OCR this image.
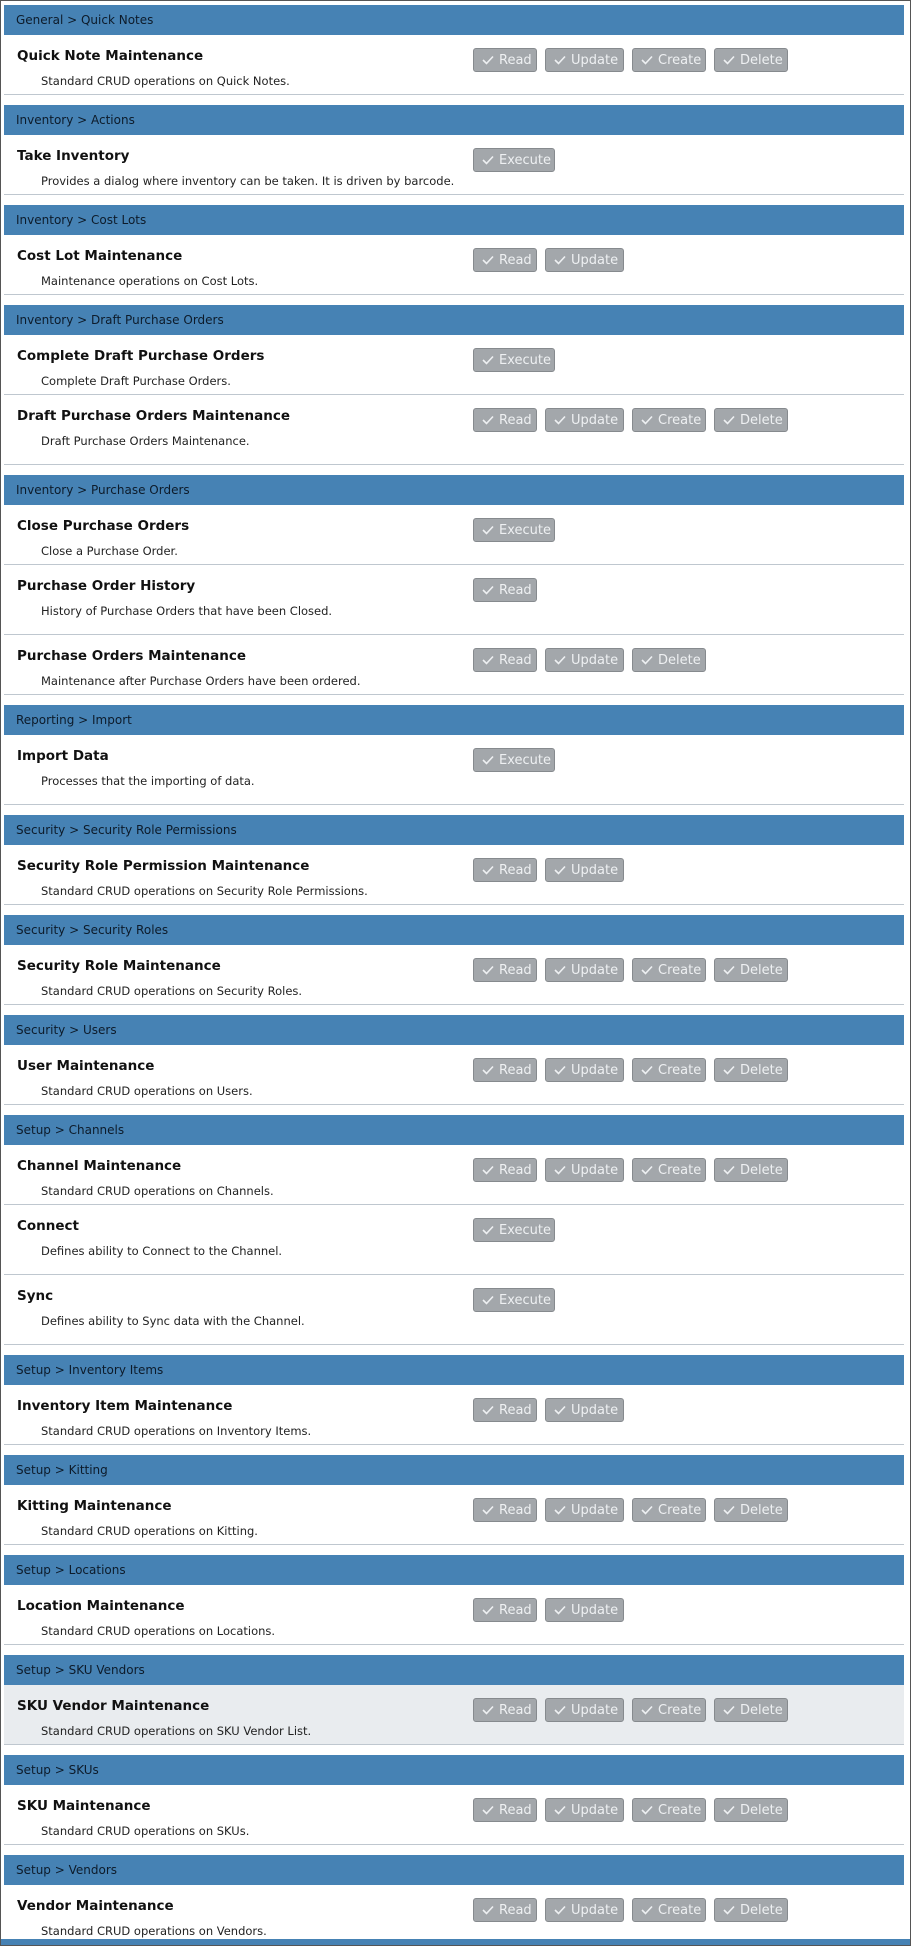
General > Quick Notes
Quick Note Maintenance
Standard CRUD operations on Quick Notes.
Read	Update	Create	Delete
Inventory > Actions
Take Inventory
Provides a dialog where inventory can be taken. It is driven by barcode.
Execute
Inventory > Cost Lots
Cost Lot Maintenance
Maintenance operations on Cost Lots.
Read	Update
Inventory > Draft Purchase Orders
Complete Draft Purchase Orders
Complete Draft Purchase Orders.
Execute
Draft Purchase Orders Maintenance
Draft Purchase Orders Maintenance.
Read	Update	Create	Delete
Inventory > Purchase Orders
Close Purchase Orders
Close a Purchase Order.
Execute
Purchase Order History
History of Purchase Orders that have been Closed.
Read
Purchase Orders Maintenance
Maintenance after Purchase Orders have been ordered.
Read	Update	Delete
Reporting > Import
Import Data
Processes that the importing of data.
Execute
Security > Security Role Permissions
Security Role Permission Maintenance
Standard CRUD operations on Security Role Permissions.
Read	Update
Security > Security Roles
Security Role Maintenance
Standard CRUD operations on Security Roles.
Read	Update	Create	Delete
Security > Users
User Maintenance
Standard CRUD operations on Users.
Read	Update	Create	Delete
Setup > Channels
Channel Maintenance
Standard CRUD operations on Channels.
Read	Update	Create	Delete
Connect
Defines ability to Connect to the Channel.
Execute
Sync
Defines ability to Sync data with the Channel.
Execute
Setup > Inventory Items
Inventory Item Maintenance
Standard CRUD operations on Inventory Items.
Read	Update
Setup > Kitting
Kitting Maintenance
Standard CRUD operations on Kitting.
Read	Update	Create	Delete
Setup > Locations
Location Maintenance
Standard CRUD operations on Locations.
Read	Update
Setup > SKU Vendors
SKU Vendor Maintenance
Standard CRUD operations on SKU Vendor List.
Read	Update	Create	Delete
Setup > SKUs
SKU Maintenance
Standard CRUD operations on SKUs.
Read	Update	Create	Delete
Setup > Vendors
Vendor Maintenance
Standard CRUD operations on Vendors.
Read	Update	Create	Delete
